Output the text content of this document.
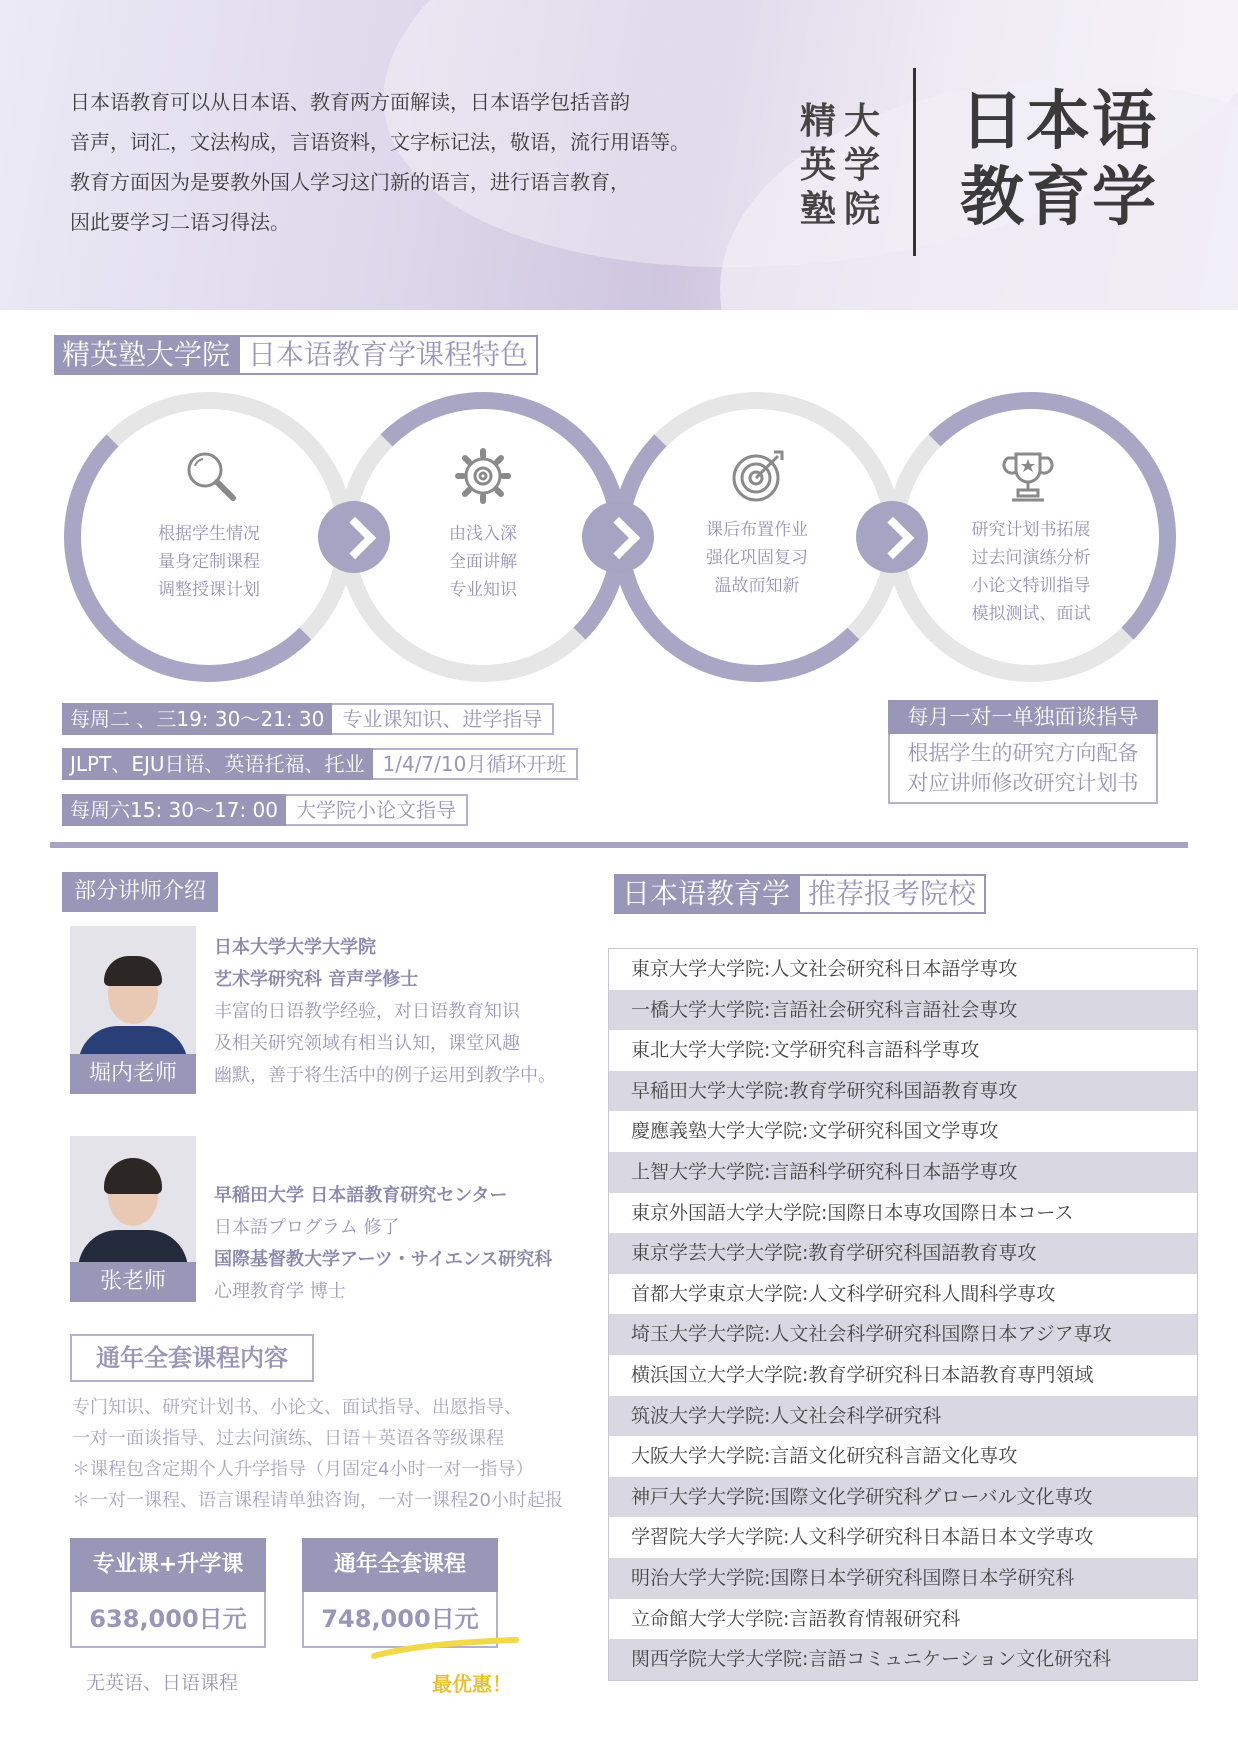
日本语教育可以从日本语、教育两方面解读，日本语学包括音韵
音声，词汇，文法构成，言语资料，文字标记法，敬语，流行用语等。
教育方面因为是要教外国人学习这门新的语言，进行语言教育，
因此要学习二语习得法。
精
英
塾
大
学
院
日本语
教育学
精英塾大学院 日本语教育学课程特色
根据学生情况
量身定制课程
调整授课计划
由浅入深
全面讲解
专业知识
课后布置作业
强化巩固复习
温故而知新
研究计划书拓展
过去问演练分析
小论文特训指导
模拟测试、面试
每周二 、三19: 30～21: 30 专业课知识、进学指导
JLPT、EJU日语、英语托福、托业 1/4/7/10月循环开班
每周六15: 30～17: 00 大学院小论文指导
每月一对一单独面谈指导
根据学生的研究方向配备
对应讲师修改研究计划书
部分讲师介绍
堀内老师
日本大学大学大学院
艺术学研究科 音声学修士
丰富的日语教学经验，对日语教育知识
及相关研究领域有相当认知，课堂风趣
幽默，善于将生活中的例子运用到教学中。
张老师
早稲田大学 日本語教育研究センター
日本語プログラム 修了
国際基督教大学アーツ・サイエンス研究科
心理教育学 博士
通年全套课程内容
专门知识、研究计划书、小论文、面试指导、出愿指导、
一对一面谈指导、过去问演练、日语＋英语各等级课程
＊课程包含定期个人升学指导（月固定4小时一对一指导）
＊一对一课程、语言课程请单独咨询，一对一课程20小时起报
专业课+升学课
638,000日元
通年全套课程
748,000日元
无英语、日语课程	最优惠！
日本语教育学 推荐报考院校
東京大学大学院:人文社会研究科日本語学専攻
一橋大学大学院:言語社会研究科言語社会専攻
東北大学大学院:文学研究科言語科学専攻
早稲田大学大学院:教育学研究科国語教育専攻
慶應義塾大学大学院:文学研究科国文学専攻
上智大学大学院:言語科学研究科日本語学専攻
東京外国語大学大学院:国際日本専攻国際日本コース
東京学芸大学大学院:教育学研究科国語教育専攻
首都大学東京大学院:人文科学研究科人間科学専攻
埼玉大学大学院:人文社会科学研究科国際日本アジア専攻
横浜国立大学大学院:教育学研究科日本語教育専門領域
筑波大学大学院:人文社会科学研究科
大阪大学大学院:言語文化研究科言語文化専攻
神戸大学大学院:国際文化学研究科グローバル文化専攻
学習院大学大学院:人文科学研究科日本語日本文学専攻
明治大学大学院:国際日本学研究科国際日本学研究科
立命館大学大学院:言語教育情報研究科
関西学院大学大学院:言語コミュニケーション文化研究科
